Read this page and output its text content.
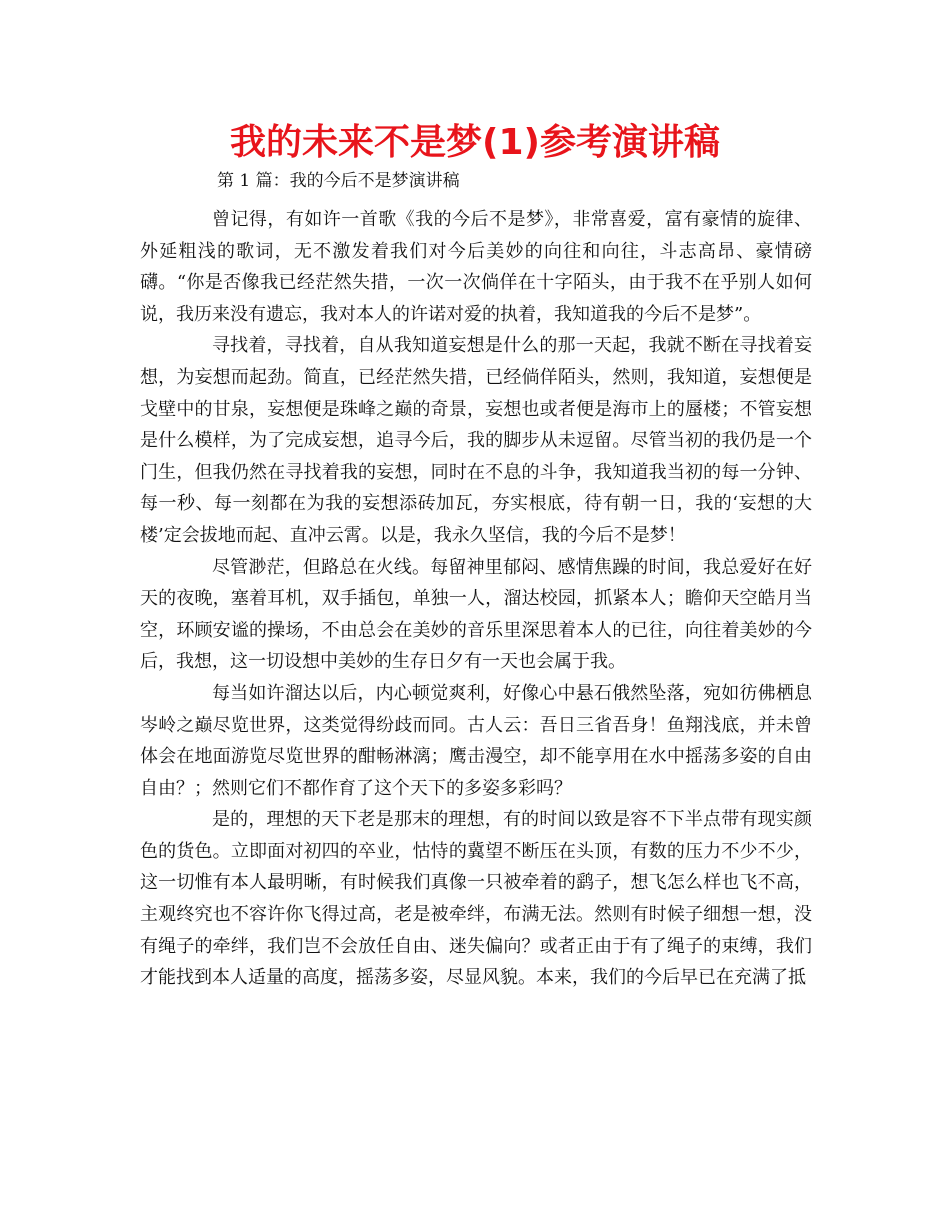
我的未来不是梦(1)参考演讲稿
第 1 篇：我的今后不是梦演讲稿

曾记得，有如许一首歌《我的今后不是梦》，非常喜爱，富有豪情的旋律、外延粗浅的歌词，无不激发着我们对今后美妙的向往和向往，斗志高昂、豪情磅礴。“你是否像我已经茫然失措，一次一次倘佯在十字陌头，由于我不在乎别人如何说，我历来没有遗忘，我对本人的许诺对爱的执着，我知道我的今后不是梦”。

寻找着，寻找着，自从我知道妄想是什么的那一天起，我就不断在寻找着妄想，为妄想而起劲。简直，已经茫然失措，已经倘佯陌头，然则，我知道，妄想便是戈壁中的甘泉，妄想便是珠峰之巅的奇景，妄想也或者便是海市上的蜃楼；不管妄想是什么模样，为了完成妄想，追寻今后，我的脚步从未逗留。尽管当初的我仍是一个门生，但我仍然在寻找着我的妄想，同时在不息的斗争，我知道我当初的每一分钟、每一秒、每一刻都在为我的妄想添砖加瓦，夯实根底，待有朝一日，我的‘妄想的大楼’定会拔地而起、直冲云霄。以是，我永久坚信，我的今后不是梦！

尽管渺茫，但路总在火线。每留神里郁闷、感情焦躁的时间，我总爱好在好天的夜晚，塞着耳机，双手插包，单独一人，溜达校园，抓紧本人；瞻仰天空皓月当空，环顾安谧的操场，不由总会在美妙的音乐里深思着本人的已往，向往着美妙的今后，我想，这一切设想中美妙的生存日夕有一天也会属于我。

每当如许溜达以后，内心顿觉爽利，好像心中悬石俄然坠落，宛如彷佛栖息岑岭之巅尽览世界，这类觉得纷歧而同。古人云：吾日三省吾身！鱼翔浅底，并未曾体会在地面游览尽览世界的酣畅淋漓；鹰击漫空，却不能享用在水中摇荡多姿的自由自由？；然则它们不都作育了这个天下的多姿多彩吗？

是的，理想的天下老是那末的理想，有的时间以致是容不下半点带有现实颜色的货色。立即面对初四的卒业，怙恃的冀望不断压在头顶，有数的压力不少不少，这一切惟有本人最明晰，有时候我们真像一只被牵着的鹞子，想飞怎么样也飞不高，主观终究也不容许你飞得过高，老是被牵绊，布满无法。然则有时候子细想一想，没有绳子的牵绊，我们岂不会放任自由、迷失偏向？或者正由于有了绳子的束缚，我们才能找到本人适量的高度，摇荡多姿，尽显风貌。本来，我们的今后早已在充满了抵
